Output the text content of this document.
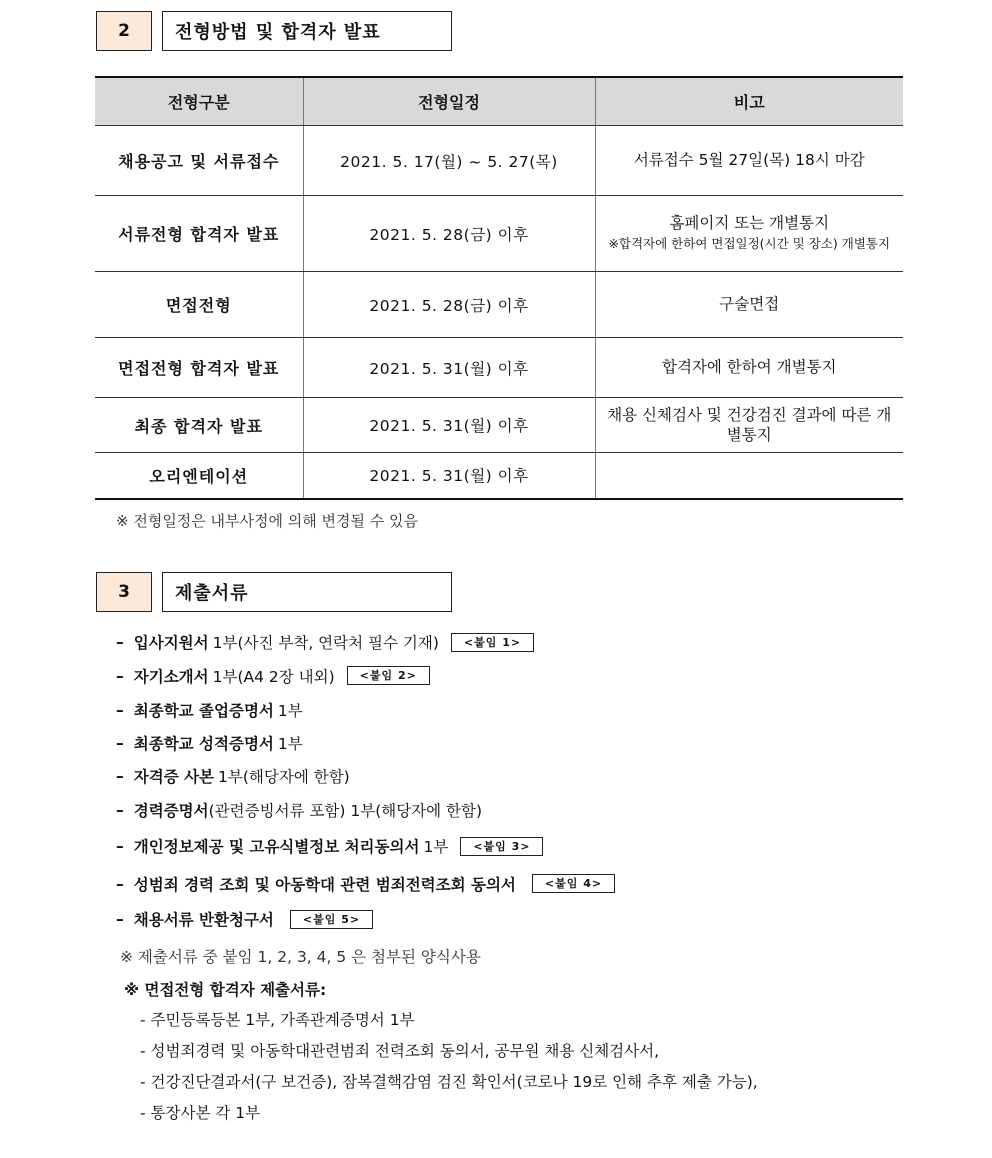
2	전형방법 및 합격자 발표
전형구분	전형일정	비고
채용공고 및 서류접수	2021. 5. 17(월) ~ 5. 27(목)	서류접수 5월 27일(목) 18시 마감
서류전형 합격자 발표	2021. 5. 28(금) 이후	홈페이지 또는 개별통지
※합격자에 한하여 면접일정(시간 및 장소) 개별통지

면접전형	2021. 5. 28(금) 이후	구술면접
면접전형 합격자 발표	2021. 5. 31(월) 이후	합격자에 한하여 개별통지
최종 합격자 발표	2021. 5. 31(월) 이후	채용 신체검사 및 건강검진 결과에 따른 개별통지
오리엔테이션	2021. 5. 31(월) 이후	
※ 전형일정은 내부사정에 의해 변경될 수 있음
3	제출서류
– 입사지원서 1부(사진 부착, 연락처 필수 기재)	<붙임 1>
– 자기소개서 1부(A4 2장 내외)	<붙임 2>
– 최종학교 졸업증명서 1부
– 최종학교 성적증명서 1부
– 자격증 사본 1부(해당자에 한함)
– 경력증명서 (관련증빙서류 포함) 1부(해당자에 한함)
– 개인정보제공 및 고유식별정보 처리동의서 1부	<붙임 3>
– 성범죄 경력 조회 및 아동학대 관련 범죄전력조회 동의서	<붙임 4>
– 채용서류 반환청구서	<붙임 5>
※ 제출서류 중 붙임 1, 2, 3, 4, 5 은 첨부된 양식사용
※ 면접전형 합격자 제출서류:
- 주민등록등본 1부, 가족관계증명서 1부
- 성범죄경력 및 아동학대관련범죄 전력조회 동의서, 공무원 채용 신체검사서,
- 건강진단결과서(구 보건증), 잠복결핵감염 검진 확인서(코로나 19로 인해 추후 제출 가능),
- 통장사본 각 1부
